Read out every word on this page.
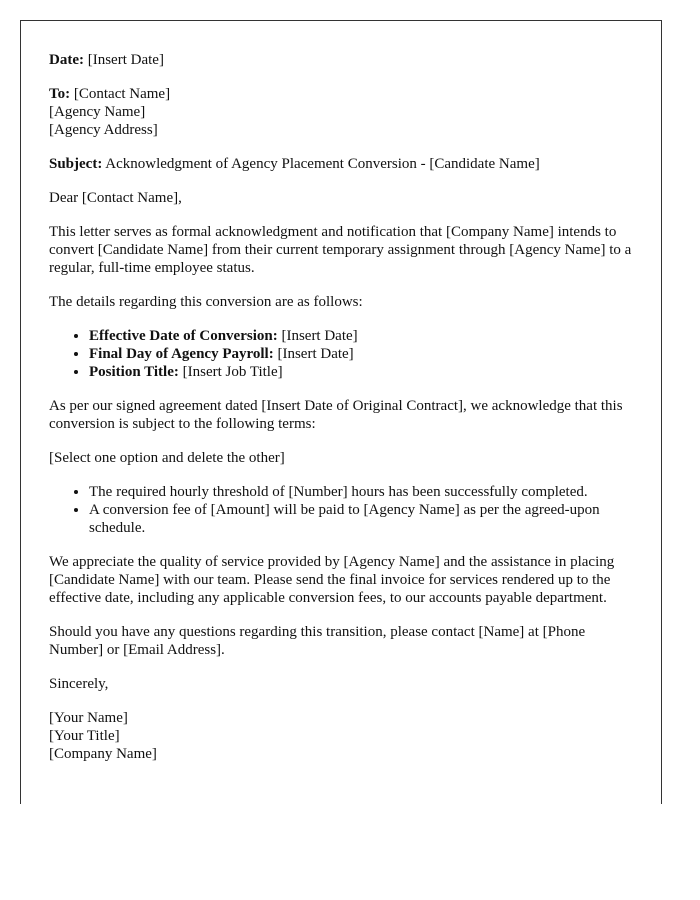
Date: [Insert Date]

To: [Contact Name]
[Agency Name]
[Agency Address]

Subject: Acknowledgment of Agency Placement Conversion - [Candidate Name]

Dear [Contact Name],

This letter serves as formal acknowledgment and notification that [Company Name] intends to convert [Candidate Name] from their current temporary assignment through [Agency Name] to a regular, full-time employee status.

The details regarding this conversion are as follows:

• Effective Date of Conversion: [Insert Date]
• Final Day of Agency Payroll: [Insert Date]
• Position Title: [Insert Job Title]

As per our signed agreement dated [Insert Date of Original Contract], we acknowledge that this conversion is subject to the following terms:

[Select one option and delete the other]

• The required hourly threshold of [Number] hours has been successfully completed.
• A conversion fee of [Amount] will be paid to [Agency Name] as per the agreed-upon schedule.

We appreciate the quality of service provided by [Agency Name] and the assistance in placing [Candidate Name] with our team. Please send the final invoice for services rendered up to the effective date, including any applicable conversion fees, to our accounts payable department.

Should you have any questions regarding this transition, please contact [Name] at [Phone Number] or [Email Address].

Sincerely,

[Your Name]
[Your Title]
[Company Name]
